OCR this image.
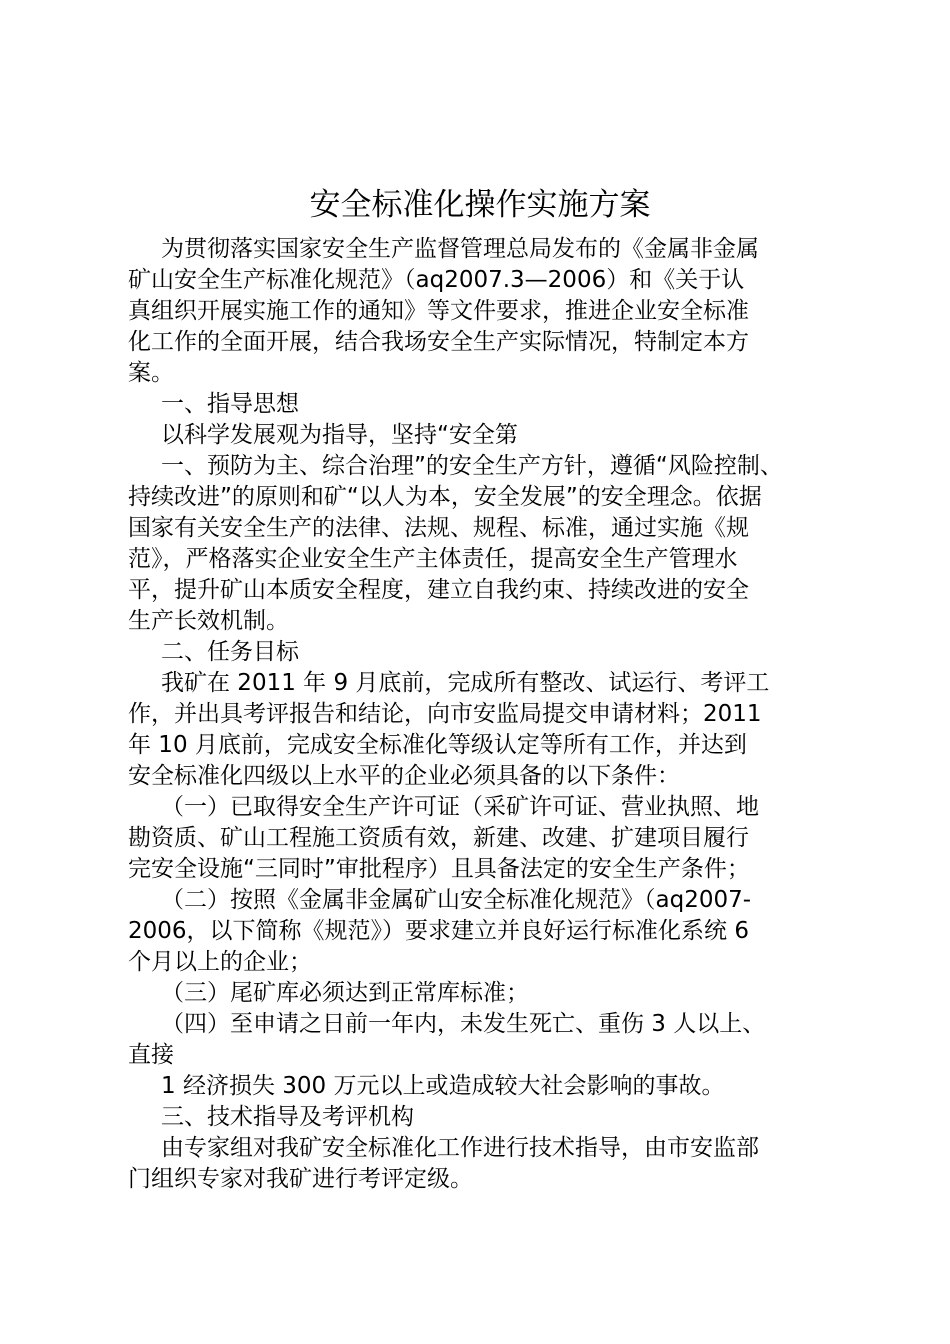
安全标准化操作实施方案
为贯彻落实国家安全生产监督管理总局发布的《金属非金属
矿山安全生产标准化规范》（aq2007.3—2006）和《关于认
真组织开展实施工作的通知》等文件要求，推进企业安全标准
化工作的全面开展，结合我场安全生产实际情况，特制定本方
案。
一、指导思想
以科学发展观为指导，坚持“安全第
一、预防为主、综合治理”的安全生产方针，遵循“风险控制、
持续改进”的原则和矿“以人为本，安全发展”的安全理念。依据
国家有关安全生产的法律、法规、规程、标准，通过实施《规
范》，严格落实企业安全生产主体责任，提高安全生产管理水
平，提升矿山本质安全程度，建立自我约束、持续改进的安全
生产长效机制。
二、任务目标
我矿在 2011 年 9 月底前，完成所有整改、试运行、考评工
作，并出具考评报告和结论，向市安监局提交申请材料；2011
年 10 月底前，完成安全标准化等级认定等所有工作，并达到
安全标准化四级以上水平的企业必须具备的以下条件：
（一）已取得安全生产许可证（采矿许可证、营业执照、地
勘资质、矿山工程施工资质有效，新建、改建、扩建项目履行
完安全设施“三同时”审批程序）且具备法定的安全生产条件；
（二）按照《金属非金属矿山安全标准化规范》（aq2007-
2006，以下简称《规范》）要求建立并良好运行标准化系统 6
个月以上的企业；
（三）尾矿库必须达到正常库标准；
（四）至申请之日前一年内，未发生死亡、重伤 3 人以上、
直接
1 经济损失 300 万元以上或造成较大社会影响的事故。
三、技术指导及考评机构
由专家组对我矿安全标准化工作进行技术指导，由市安监部
门组织专家对我矿进行考评定级。
